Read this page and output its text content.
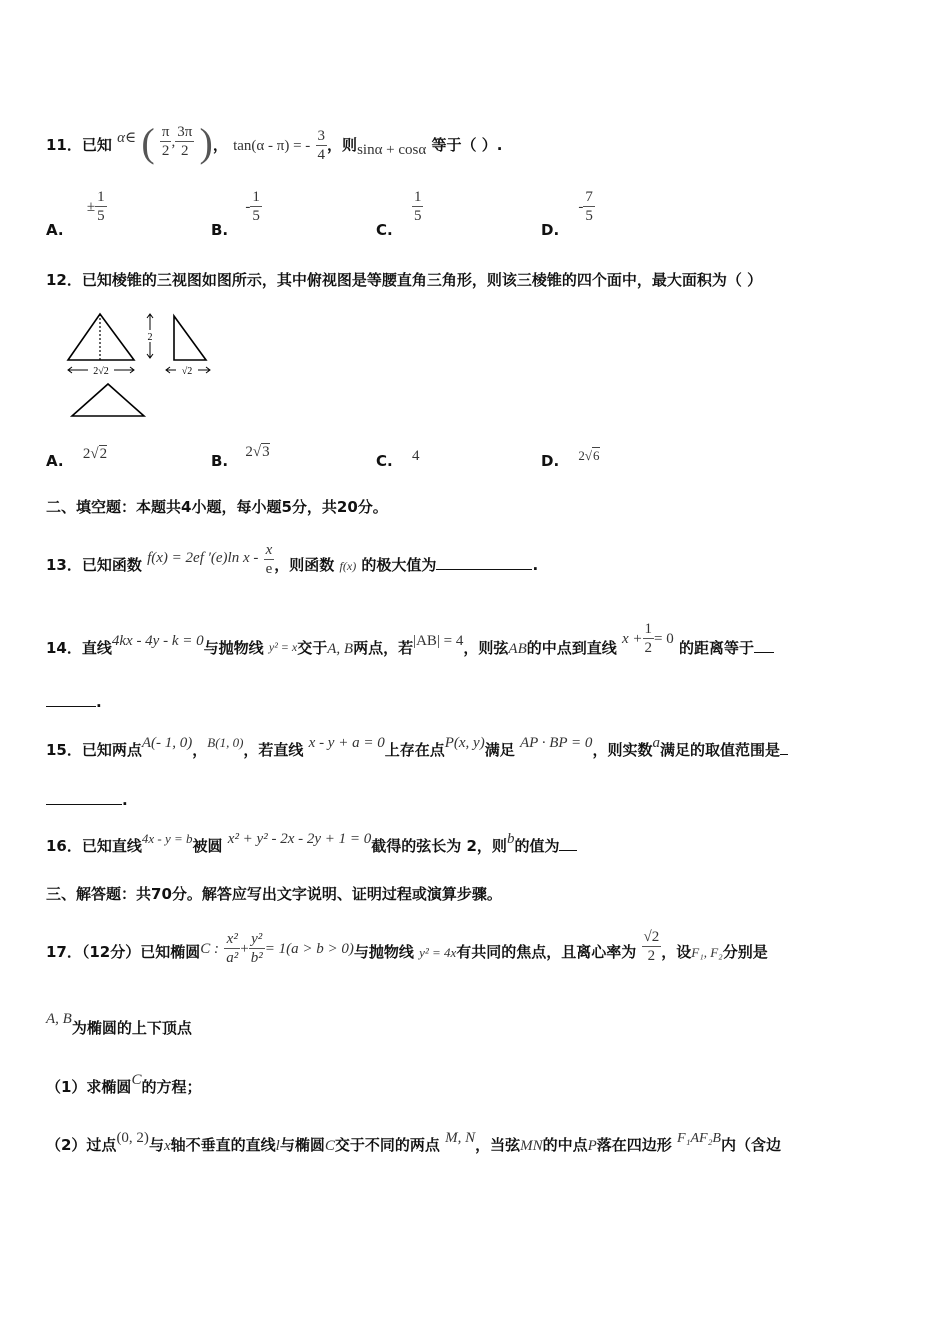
11．已知 α∈ ( $\frac{\pi}{2}$ , $\frac{3\pi}{2}$ )， tan(α - π) = - $\frac{3}{4}$ ，则sinα + cosα 等于（ ）.
A. ± $\frac{1}{5}$
B. - $\frac{1}{5}$
C.
$\frac{1}{5}$
D. - $\frac{7}{5}$
12．已知棱锥的三视图如图所示，其中俯视图是等腰直角三角形，则该三棱锥的四个面中，最大面积为（ ）
2√2
2
√2
A. 2√2	B. 2√3	C. 4	D. 2√6
二、填空题：本题共4小题，每小题5分，共20分。
13．已知函数 f(x) = 2ef ′(e)ln x - $\frac{x}{e}$ ，则函数 f(x) 的极大值为	.
14．直线4kx - 4y - k = 0与抛物线 y² = x交于A, B两点，若|AB| = 4，则弦AB的中点到直线 $x + \frac{1}{2} = 0$ 的距离等于
.
15．已知两点A(- 1, 0)，B(1, 0)，若直线 x - y + a = 0上存在点P(x, y)满足 AP · BP = 0，则实数a满足的取值范围是
.
16．已知直线4x - y = b被圆 x² + y² - 2x - 2y + 1 = 0截得的弦长为 2，则b的值为
三、解答题：共70分。解答应写出文字说明、证明过程或演算步骤。
17．（12分）已知椭圆C : $\frac{\text{x²}}{\text{a²}} + \frac{\text{y²}}{\text{b²}} = 1(a > b > 0)$与抛物线 y² = 4x有共同的焦点，且离心率为 $\frac{√2}{2}$ ，设F₁, F₂分别是
A, B为椭圆的上下顶点
（1）求椭圆C的方程；
（2）过点(0, 2)与x轴不垂直的直线l与椭圆C交于不同的两点 M, N，当弦MN的中点P落在四边形 F₁AF₂B内（含边
